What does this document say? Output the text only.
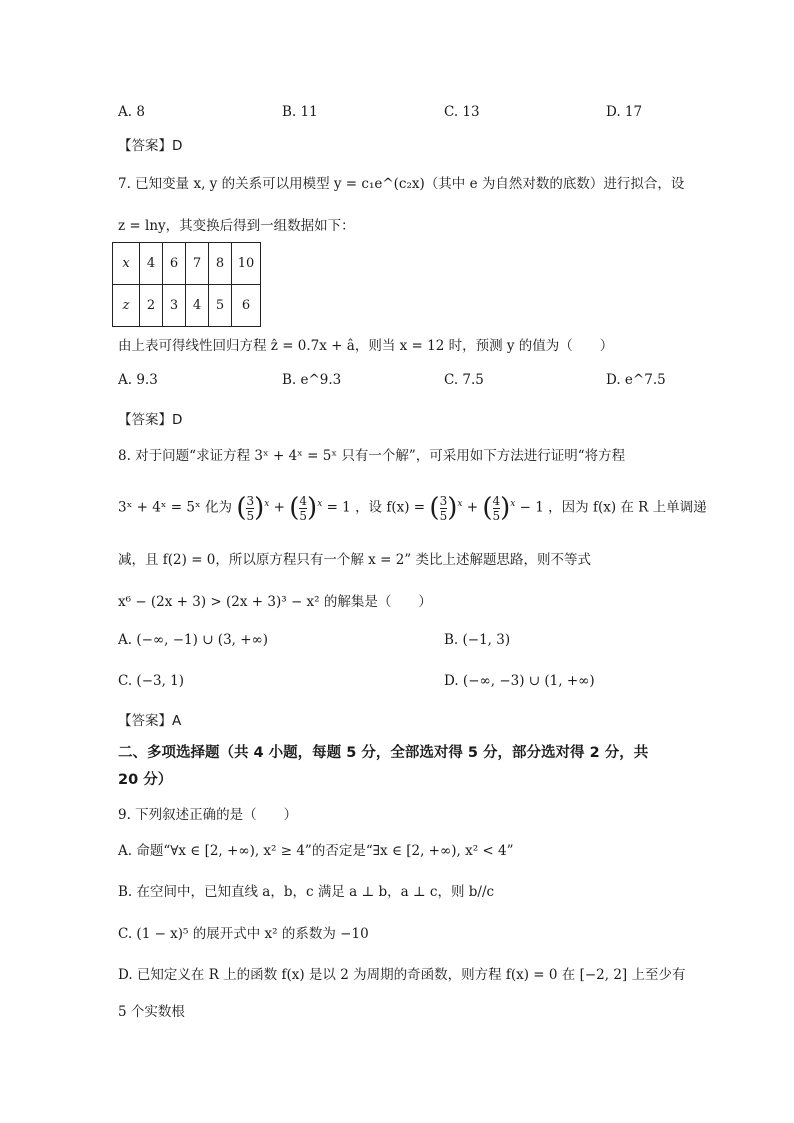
A. 8	B. 11	C. 13	D. 17
【答案】D
7. 已知变量 x, y 的关系可以用模型 y = c₁e^(c₂x)（其中 e 为自然对数的底数）进行拟合，设
z = lny，其变换后得到一组数据如下：
x	4	6	7	8	10
z	2	3	4	5	6
由上表可得线性回归方程 ẑ = 0.7x + â，则当 x = 12 时，预测 y 的值为（　　）
A. 9.3	B. e^9.3	C. 7.5	D. e^7.5
【答案】D
8. 对于问题“求证方程 3ˣ + 4ˣ = 5ˣ 只有一个解”，可采用如下方法进行证明“将方程
3ˣ + 4ˣ = 5ˣ 化为 ( $\frac{3}{5} )^x$ + ( $\frac{4}{5} )^x = 1$ ，设 f(x) = ( $\frac{3}{5} )^x$ + ( $\frac{4}{5} )^x - 1$ ，因为 f(x) 在 R 上单调递
减，且 f(2) = 0，所以原方程只有一个解 x = 2” 类比上述解题思路，则不等式
x⁶ − (2x + 3) > (2x + 3)³ − x² 的解集是（　　）
A. (−∞, −1) ∪ (3, +∞)	B. (−1, 3)
C. (−3, 1)	D. (−∞, −3) ∪ (1, +∞)
【答案】A
二、多项选择题（共 4 小题，每题 5 分，全部选对得 5 分，部分选对得 2 分，共
20 分）
9. 下列叙述正确的是（　　）
A. 命题“∀x ∈ [2, +∞), x² ≥ 4”的否定是“∃x ∈ [2, +∞), x² < 4”
B. 在空间中，已知直线 a，b，c 满足 a ⊥ b，a ⊥ c，则 b//c
C. (1 − x)⁵ 的展开式中 x² 的系数为 −10
D. 已知定义在 R 上的函数 f(x) 是以 2 为周期的奇函数，则方程 f(x) = 0 在 [−2, 2] 上至少有
5 个实数根
